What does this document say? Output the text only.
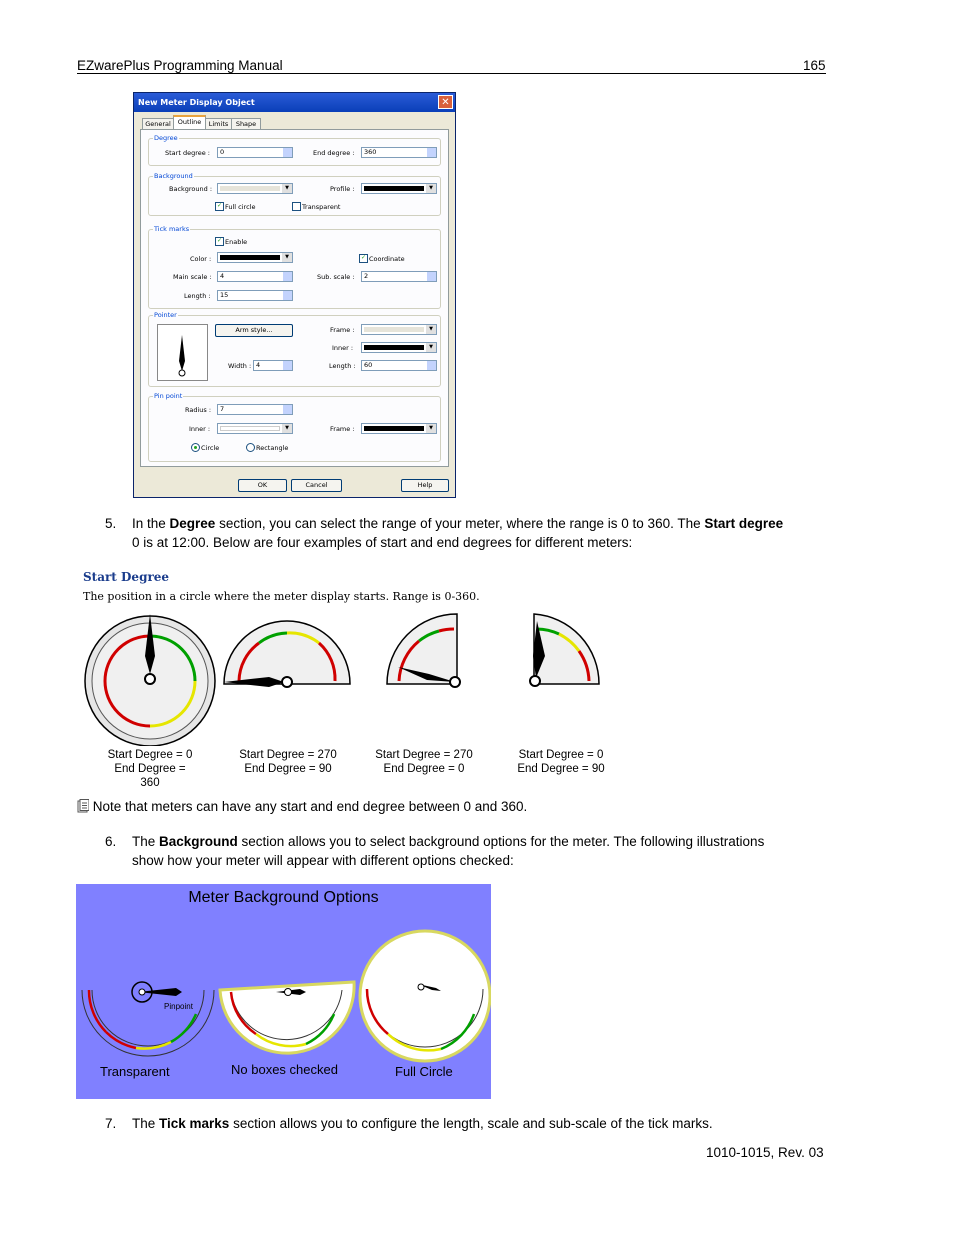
EZwarePlus Programming Manual	165
New Meter Display Object	✕
General	Outline	Limits	Shape
Degree
Start degree :	0	End degree :	360
Background
Background :	▼	Profile :	▼
✓ Full circle	Transparent
Tick marks
✓ Enable
Color :	▼	✓ Coordinate
Main scale :	4	Sub. scale :	2
Length :	15
Pointer
Arm style...	Frame :	▼
Inner :	▼
Width : 4	Length :	60
Pin point
Radius :	7
Inner :	▼	Frame :	▼
Circle	Rectangle
OK	Cancel	Help
5. In the Degree section, you can select the range of your meter, where the range is 0 to 360. The Start degree
0 is at 12:00. Below are four examples of start and end degrees for different meters:
Start Degree
The position in a circle where the meter display starts. Range is 0-360.
Start Degree = 0
End Degree = 360
Start Degree = 270
End Degree = 90
Start Degree = 270
End Degree = 0
Start Degree = 0
End Degree = 90
Note that meters can have any start and end degree between 0 and 360.
6. The Background section allows you to select background options for the meter. The following illustrations
show how your meter will appear with different options checked:
Meter Background Options
Pinpoint
Transparent	No boxes checked	Full Circle
7. The Tick marks section allows you to configure the length, scale and sub-scale of the tick marks.
1010-1015, Rev. 03
